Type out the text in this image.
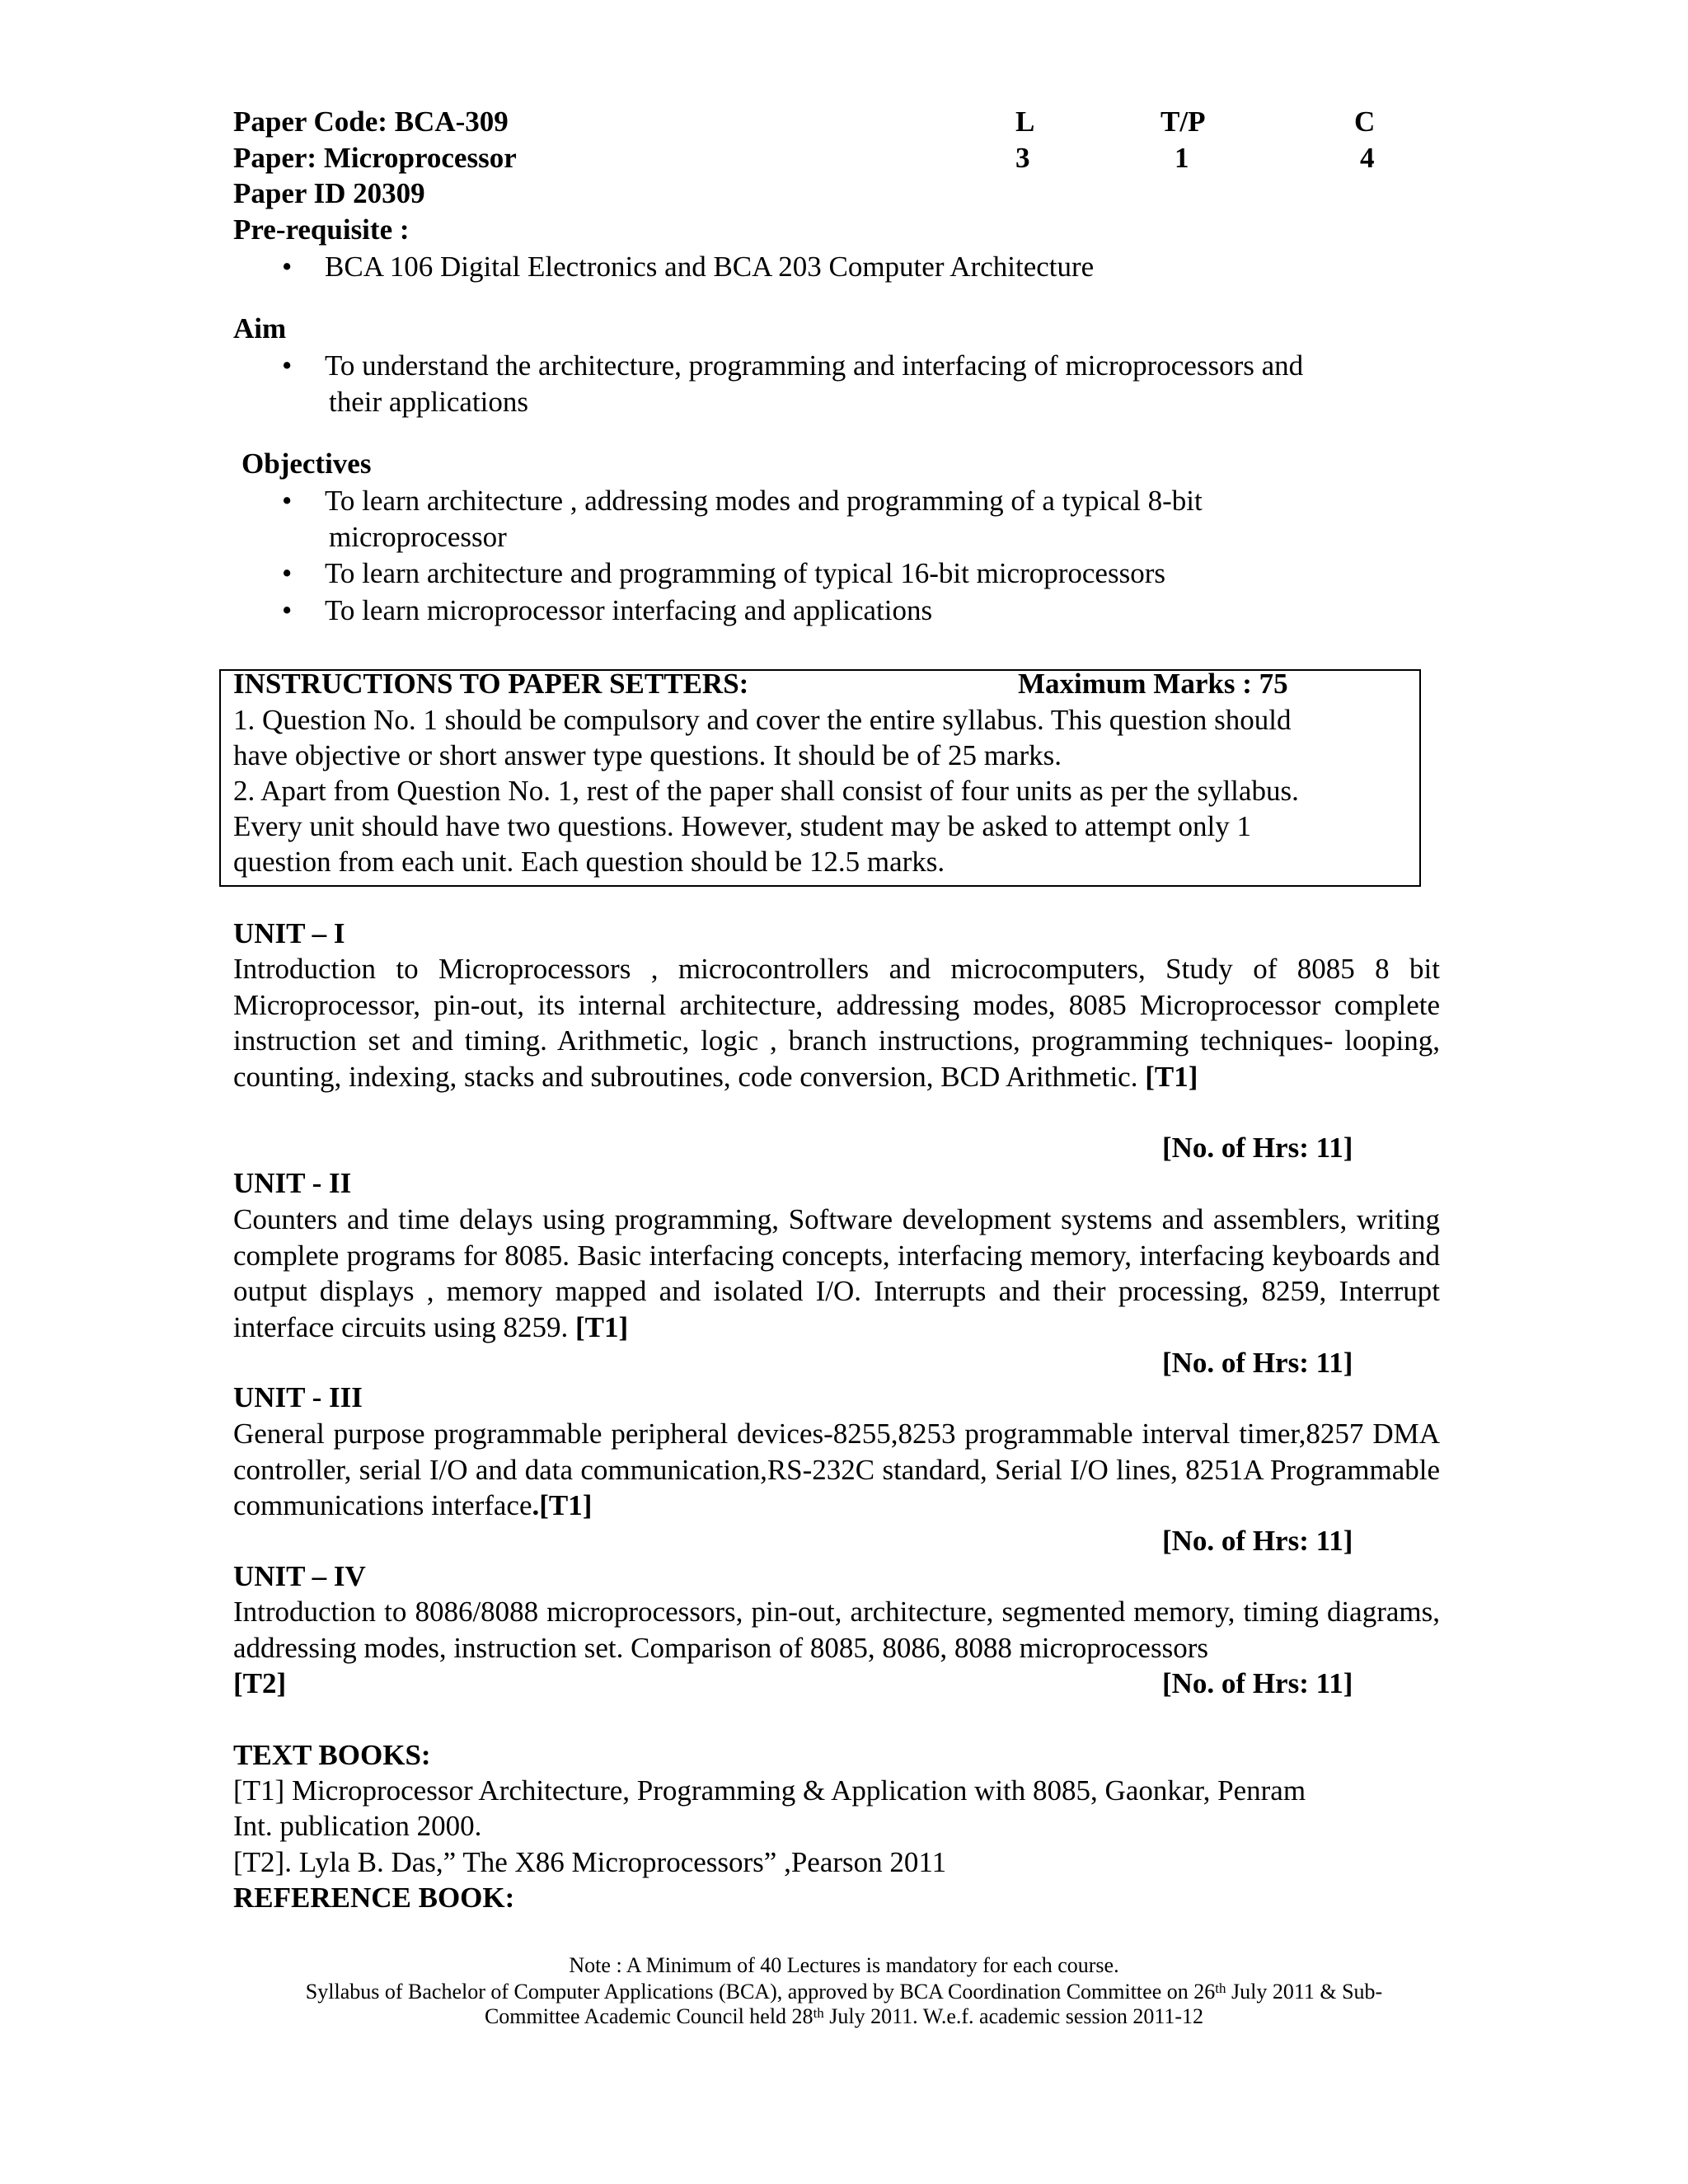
Paper Code: BCA-309
Paper: Microprocessor
Paper ID 20309
L	T/P	C
3	1	4
Pre-requisite :
• BCA 106 Digital Electronics and BCA 203 Computer Architecture
Aim
• To understand the architecture, programming and interfacing of microprocessors and
their applications
Objectives
• To learn architecture , addressing modes and programming of a typical 8-bit
microprocessor
• To learn architecture and programming of typical 16-bit microprocessors
• To learn microprocessor interfacing and applications
INSTRUCTIONS TO PAPER SETTERS:	Maximum Marks : 75
1. Question No. 1 should be compulsory and cover the entire syllabus. This question should
have objective or short answer type questions. It should be of 25 marks.
2. Apart from Question No. 1, rest of the paper shall consist of four units as per the syllabus.
Every unit should have two questions. However, student may be asked to attempt only 1
question from each unit. Each question should be 12.5 marks.
UNIT – I
Introduction to Microprocessors , microcontrollers and microcomputers, Study of 8085 8 bit Microprocessor, pin-out, its internal architecture, addressing modes, 8085 Microprocessor complete instruction set and timing. Arithmetic, logic , branch instructions, programming techniques- looping, counting, indexing, stacks and subroutines, code conversion, BCD Arithmetic. [T1]
[No. of Hrs: 11]
UNIT - II
Counters and time delays using programming, Software development systems and assemblers, writing complete programs for 8085. Basic interfacing concepts, interfacing memory, interfacing keyboards and output displays , memory mapped and isolated I/O. Interrupts and their processing, 8259, Interrupt interface circuits using 8259. [T1]
[No. of Hrs: 11]
UNIT - III
General purpose programmable peripheral devices-8255,8253 programmable interval timer,8257 DMA controller, serial I/O and data communication,RS-232C standard, Serial I/O lines, 8251A Programmable communications interface.[T1]
[No. of Hrs: 11]
UNIT – IV
Introduction to 8086/8088 microprocessors, pin-out, architecture, segmented memory, timing diagrams, addressing modes, instruction set. Comparison of 8085, 8086, 8088 microprocessors
[T2]	[No. of Hrs: 11]
TEXT BOOKS:
[T1] Microprocessor Architecture, Programming & Application with 8085, Gaonkar, Penram
Int. publication 2000.
[T2]. Lyla B. Das,” The X86 Microprocessors” ,Pearson 2011
REFERENCE BOOK:
Note : A Minimum of 40 Lectures is mandatory for each course.
Syllabus of Bachelor of Computer Applications (BCA), approved by BCA Coordination Committee on 26th July 2011 & Sub-
Committee Academic Council held 28th July 2011. W.e.f. academic session 2011-12
